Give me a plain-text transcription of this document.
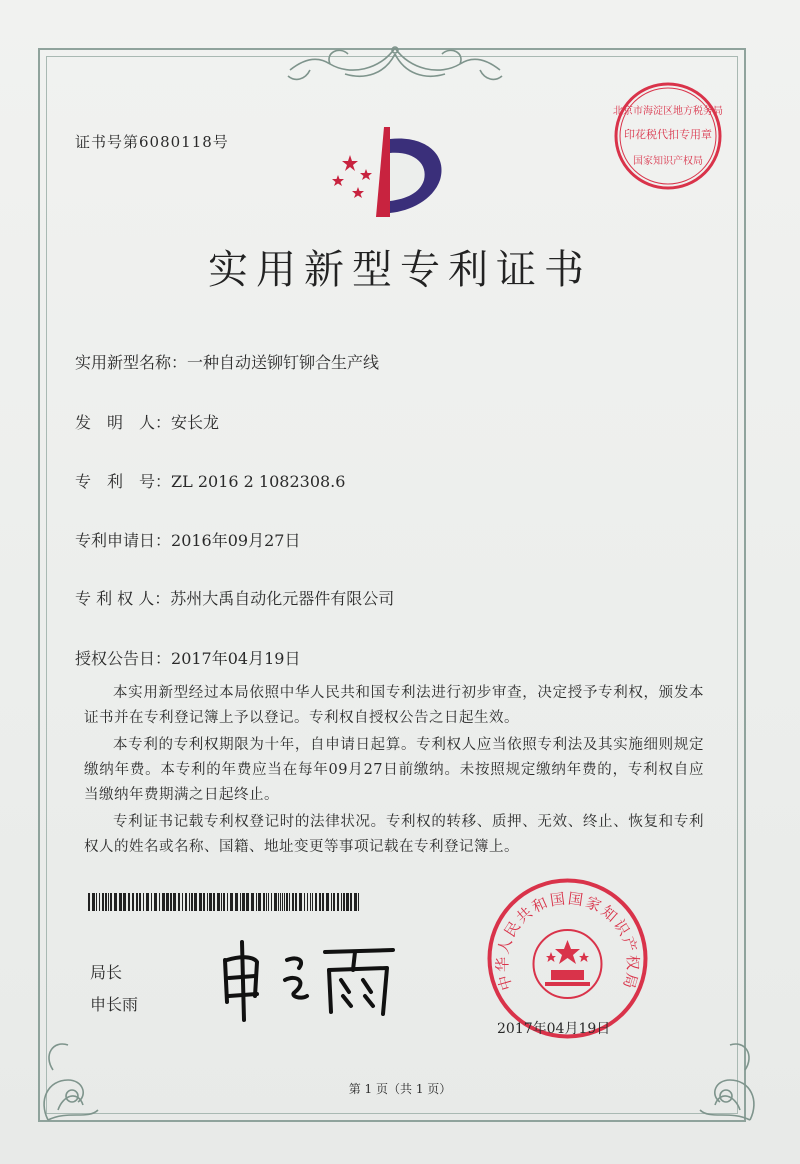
证书号第6080118号	印花税代扣专用章
北京市海淀区地方税务局
国家知识产权局
实用新型专利证书
实用新型名称：一种自动送铆钉铆合生产线
发　明　人：安长龙
专　利　号：ZL 2016 2 1082308.6
专利申请日：2016年09月27日
专 利 权 人：苏州大禹自动化元器件有限公司
授权公告日：2017年04月19日
本实用新型经过本局依照中华人民共和国专利法进行初步审查，决定授予专利权，颁发本证书并在专利登记簿上予以登记。专利权自授权公告之日起生效。
本专利的专利权期限为十年，自申请日起算。专利权人应当依照专利法及其实施细则规定缴纳年费。本专利的年费应当在每年09月27日前缴纳。未按照规定缴纳年费的，专利权自应当缴纳年费期满之日起终止。
专利证书记载专利权登记时的法律状况。专利权的转移、质押、无效、终止、恢复和专利权人的姓名或名称、国籍、地址变更等事项记载在专利登记簿上。
局长
申长雨
中华人民共和国国家知识产权局
2017年04月19日
第 1 页（共 1 页）
